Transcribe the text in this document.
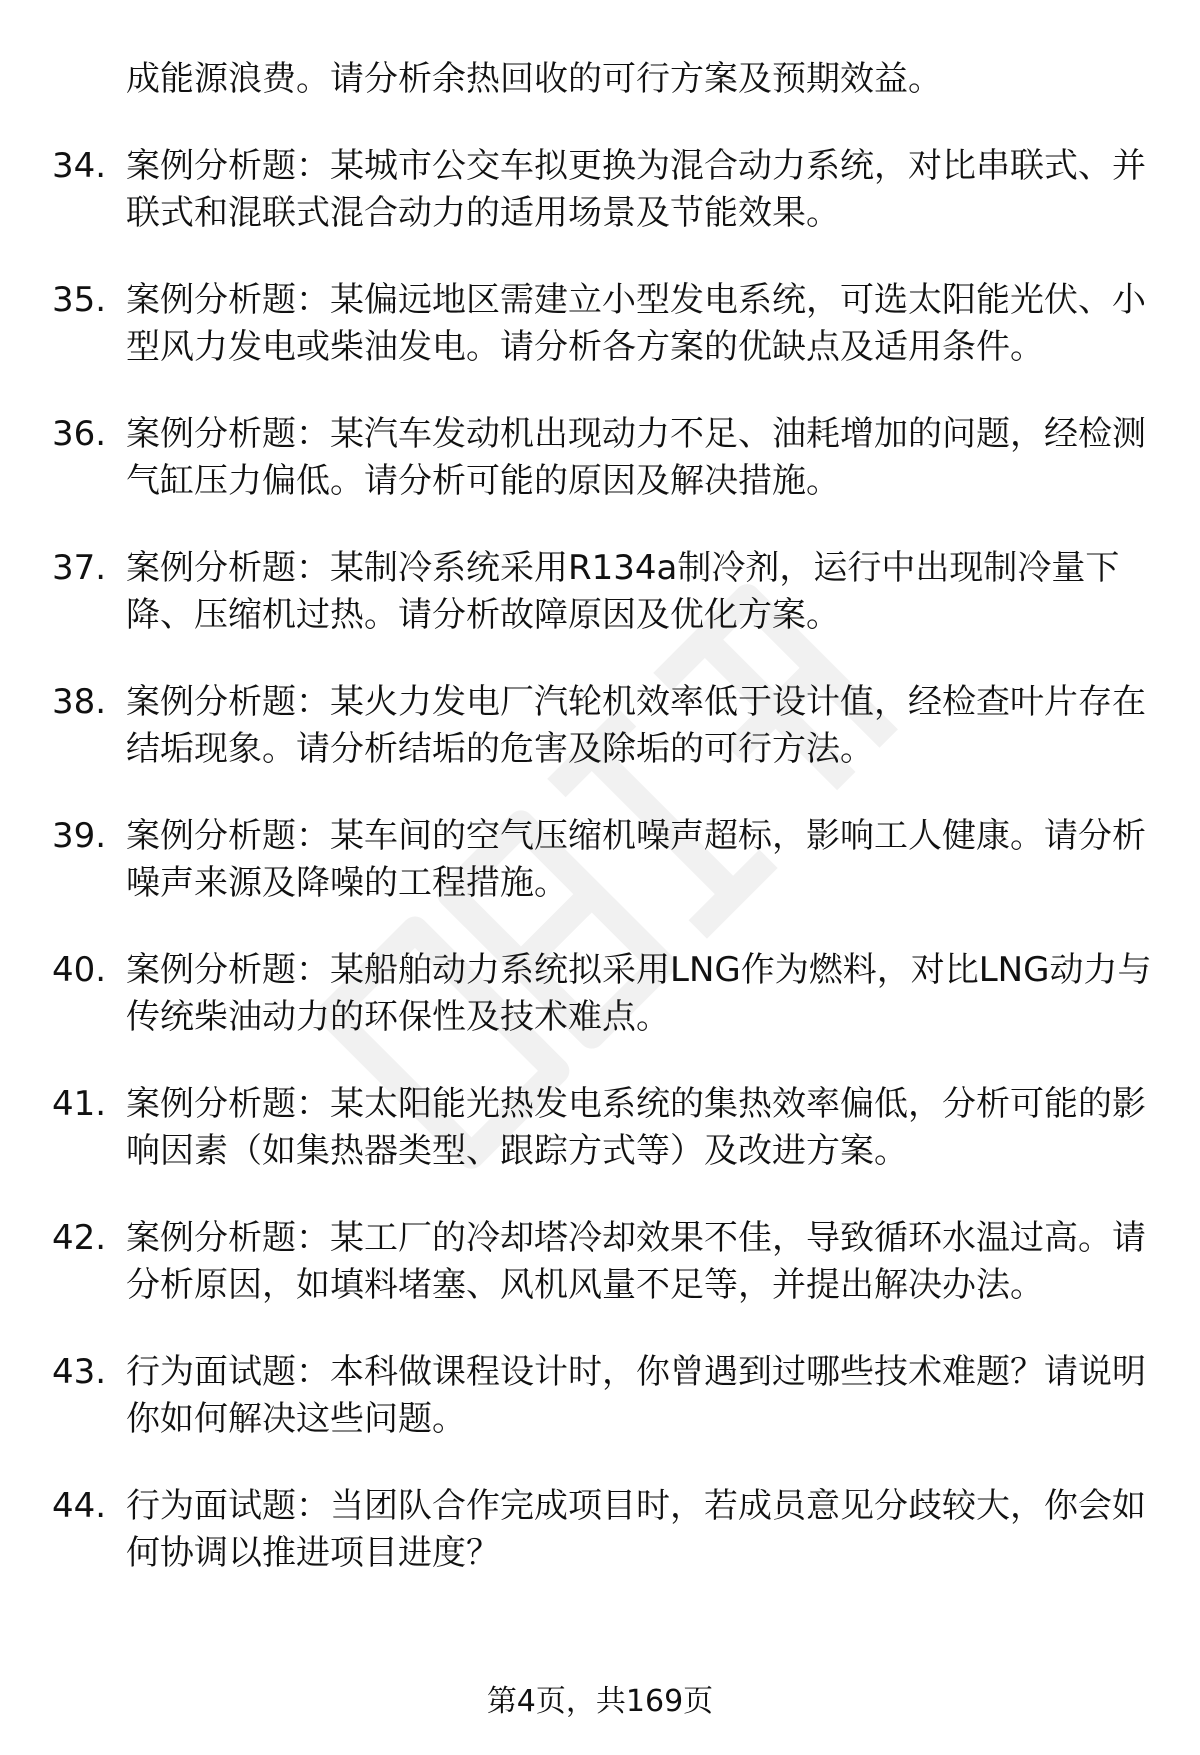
成能源浪费。请分析余热回收的可行方案及预期效益。
34. 案例分析题：某城市公交车拟更换为混合动力系统，对比串联式、并联式和混联式混合动力的适用场景及节能效果。
35. 案例分析题：某偏远地区需建立小型发电系统，可选太阳能光伏、小型风力发电或柴油发电。请分析各方案的优缺点及适用条件。
36. 案例分析题：某汽车发动机出现动力不足、油耗增加的问题，经检测气缸压力偏低。请分析可能的原因及解决措施。
37. 案例分析题：某制冷系统采用R134a制冷剂，运行中出现制冷量下降、压缩机过热。请分析故障原因及优化方案。
38. 案例分析题：某火力发电厂汽轮机效率低于设计值，经检查叶片存在结垢现象。请分析结垢的危害及除垢的可行方法。
39. 案例分析题：某车间的空气压缩机噪声超标，影响工人健康。请分析噪声来源及降噪的工程措施。
40. 案例分析题：某船舶动力系统拟采用LNG作为燃料，对比LNG动力与传统柴油动力的环保性及技术难点。
41. 案例分析题：某太阳能光热发电系统的集热效率偏低，分析可能的影响因素（如集热器类型、跟踪方式等）及改进方案。
42. 案例分析题：某工厂的冷却塔冷却效果不佳，导致循环水温过高。请分析原因，如填料堵塞、风机风量不足等，并提出解决办法。
43. 行为面试题：本科做课程设计时，你曾遇到过哪些技术难题？请说明你如何解决这些问题。
44. 行为面试题：当团队合作完成项目时，若成员意见分歧较大，你会如何协调以推进项目进度？
第4页，共169页
